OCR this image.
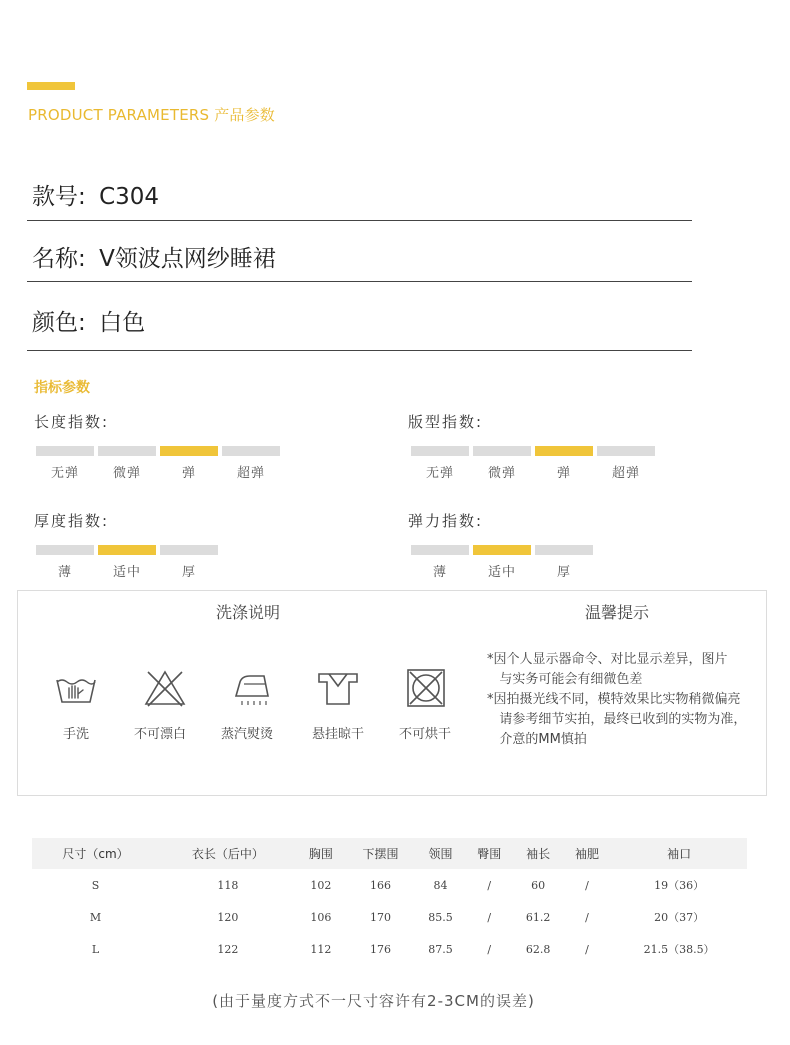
PRODUCT PARAMETERS 产品参数
款号: C304
名称: V领波点网纱睡裙
颜色: 白色
指标参数
长度指数:
无弹	微弹	弹	超弹
版型指数:
无弹	微弹	弹	超弹
厚度指数:
薄	适中	厚
弹力指数:
薄	适中	厚
洗涤说明	温馨提示
手洗	不可漂白	蒸汽熨烫	悬挂晾干	不可烘干
*因个人显示器命令、对比显示差异，图片
与实务可能会有细微色差
*因拍摄光线不同，模特效果比实物稍微偏亮
请参考细节实拍，最终已收到的实物为准，
介意的MM慎拍
尺寸（cm）	衣长（后中）	胸围	下摆围	领围	臀围	袖长	袖肥	袖口
S	118	102	166	84	/	60	/	19（36）
M	120	106	170	85.5	/	61.2	/	20（37）
L	122	112	176	87.5	/	62.8	/	21.5（38.5）
(由于量度方式不一尺寸容许有2-3CM的误差)
